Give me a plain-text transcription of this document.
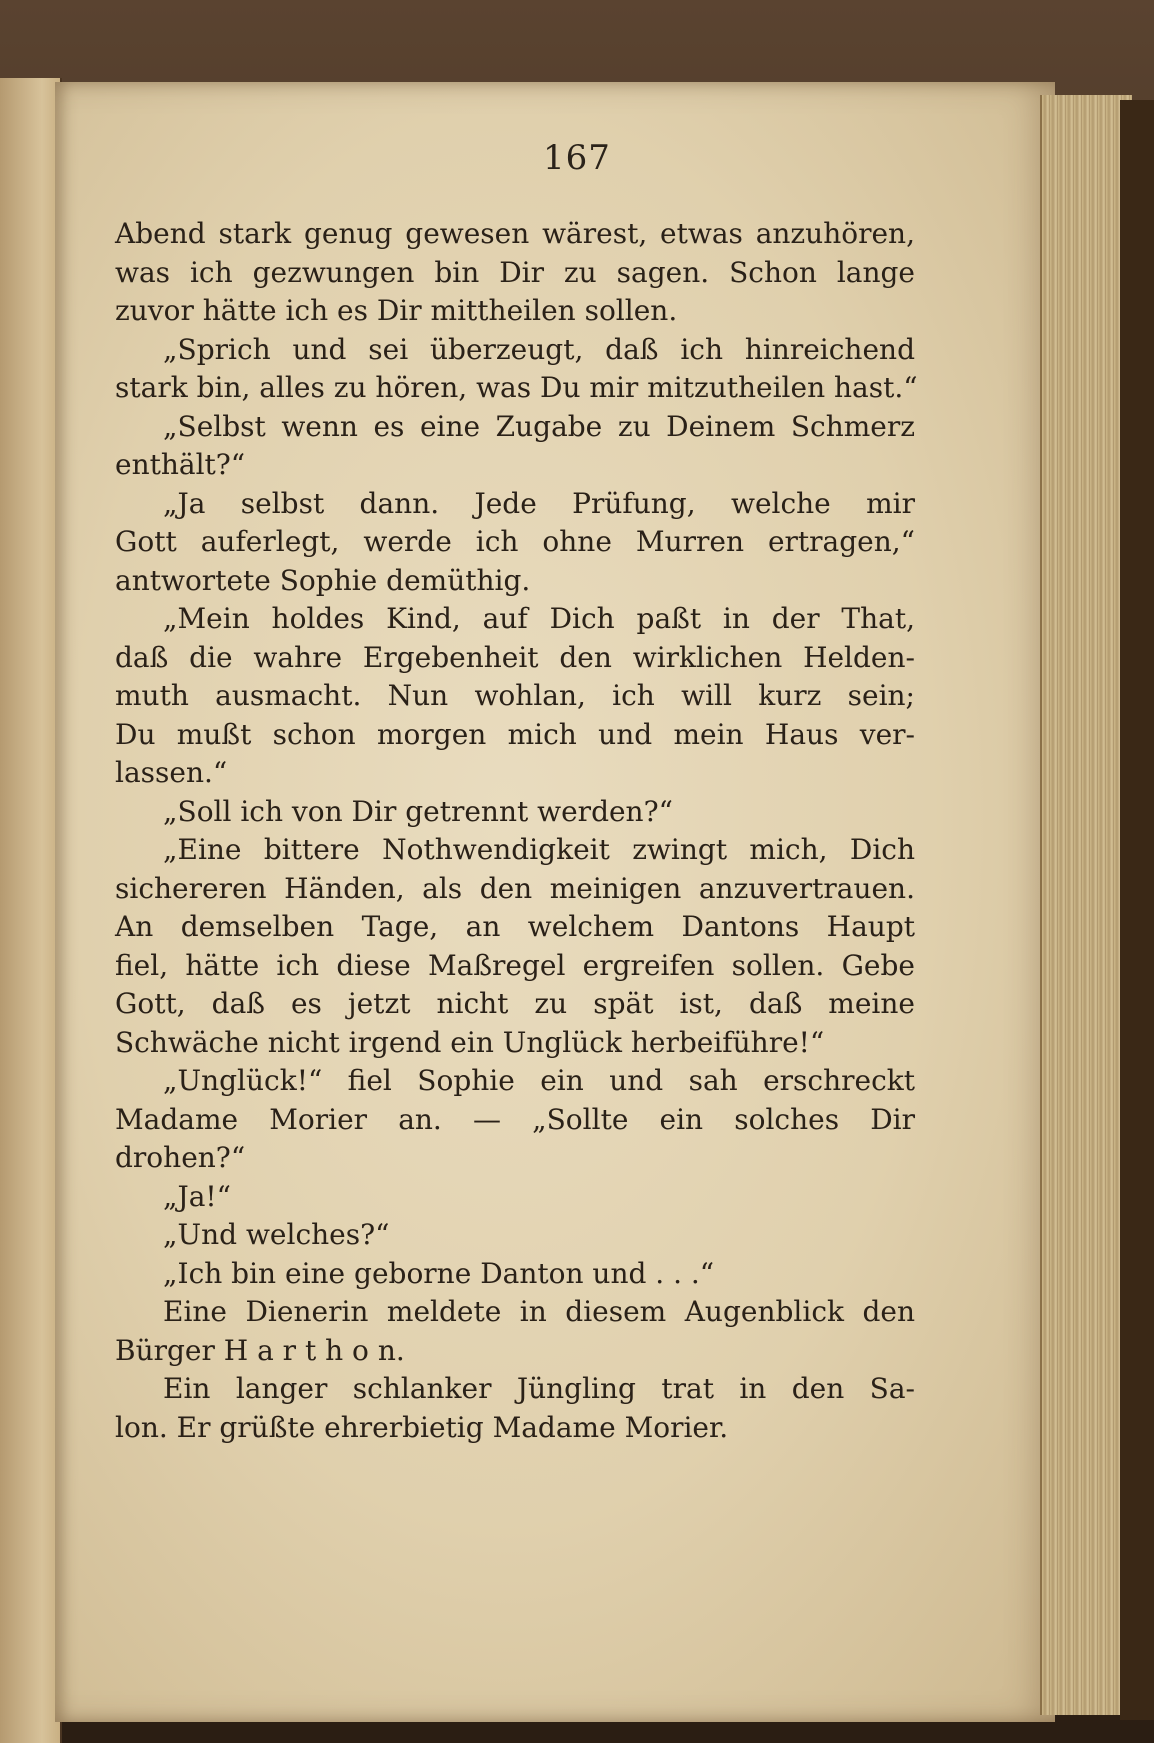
167
Abend stark genug gewesen wärest, etwas anzuhören,
was ich gezwungen bin Dir zu sagen. Schon lange
zuvor hätte ich es Dir mittheilen sollen.
„Sprich und sei überzeugt, daß ich hinreichend
stark bin, alles zu hören, was Du mir mitzutheilen hast.“
„Selbst wenn es eine Zugabe zu Deinem Schmerz
enthält?“
„Ja selbst dann. Jede Prüfung, welche mir
Gott auferlegt, werde ich ohne Murren ertragen,“
antwortete Sophie demüthig.
„Mein holdes Kind, auf Dich paßt in der That,
daß die wahre Ergebenheit den wirklichen Helden-
muth ausmacht. Nun wohlan, ich will kurz sein;
Du mußt schon morgen mich und mein Haus ver-
lassen.“
„Soll ich von Dir getrennt werden?“
„Eine bittere Nothwendigkeit zwingt mich, Dich
sichereren Händen, als den meinigen anzuvertrauen.
An demselben Tage, an welchem Dantons Haupt
fiel, hätte ich diese Maßregel ergreifen sollen. Gebe
Gott, daß es jetzt nicht zu spät ist, daß meine
Schwäche nicht irgend ein Unglück herbeiführe!“
„Unglück!“ fiel Sophie ein und sah erschreckt
Madame Morier an. — „Sollte ein solches Dir
drohen?“
„Ja!“
„Und welches?“
„Ich bin eine geborne Danton und . . .“
Eine Dienerin meldete in diesem Augenblick den
Bürger H a r t h o n.
Ein langer schlanker Jüngling trat in den Sa-
lon. Er grüßte ehrerbietig Madame Morier.
